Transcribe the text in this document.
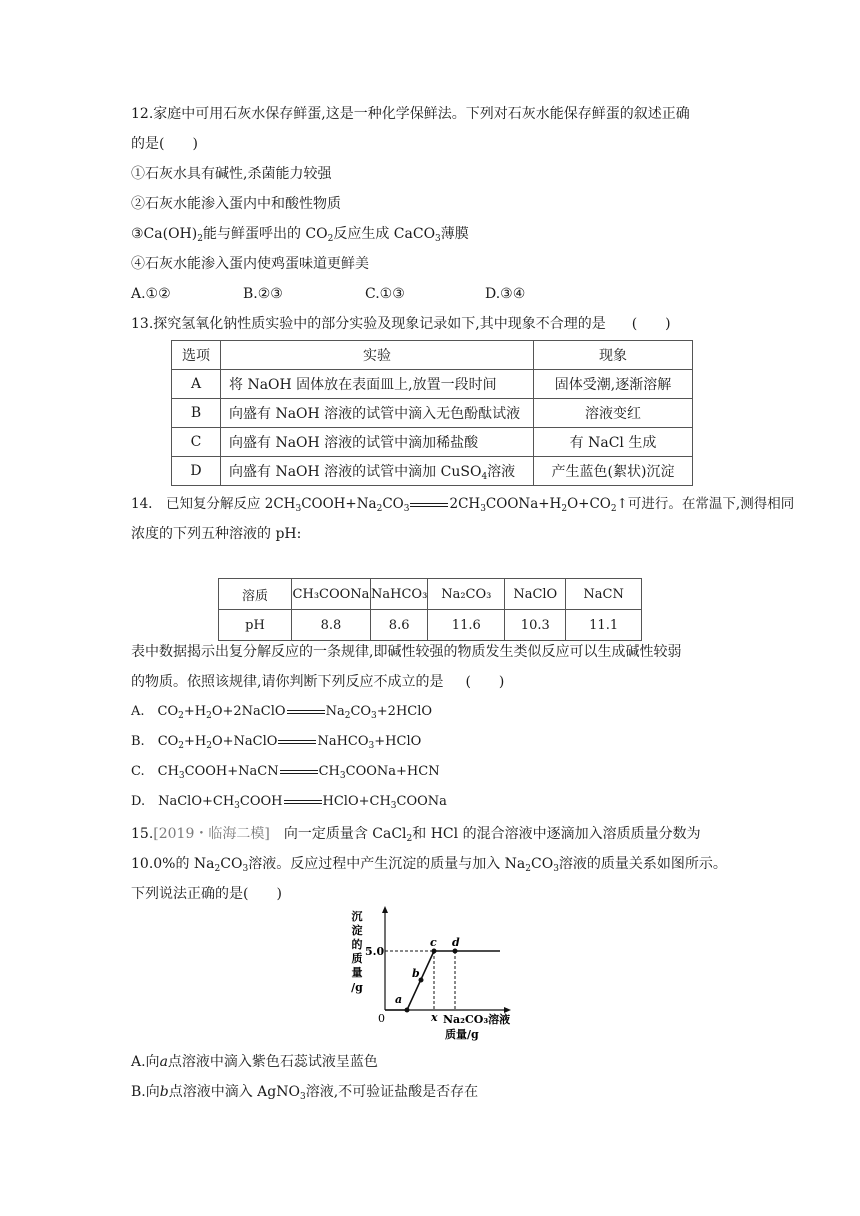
12.家庭中可用石灰水保存鲜蛋,这是一种化学保鲜法。下列对石灰水能保存鲜蛋的叙述正确
的是(　　)
①石灰水具有碱性,杀菌能力较强
②石灰水能渗入蛋内中和酸性物质
$③Ca(OH)_2$能与鲜蛋呼出的 $CO_2$反应生成 CaCO$_3$薄膜
④石灰水能渗入蛋内使鸡蛋味道更鲜美
A.①②	B.②③	C.①③	D.③④
13.探究氢氧化钠性质实验中的部分实验及现象记录如下,其中现象不合理的是 (　　)
选项	实验	现象
A	将 NaOH 固体放在表面皿上,放置一段时间	固体受潮,逐渐溶解
B	向盛有 NaOH 溶液的试管中滴入无色酚酞试液	溶液变红
C	向盛有 NaOH 溶液的试管中滴加稀盐酸	有 NaCl 生成
D	向盛有 NaOH 溶液的试管中滴加 CuSO$_4$溶液	产生蓝色(絮状)沉淀
14.　已知复分解反应 $2CH_3COOH+Na_2CO_3$	$2CH_3COONa+H_2O+CO_2↑$可进行。在常温下,测得相同
浓度的下列五种溶液的 pH:
溶质	CH₃COONa	NaHCO₃	Na₂CO₃	NaClO	NaCN
pH	8.8	8.6	11.6	10.3	11.1
表中数据揭示出复分解反应的一条规律,即碱性较强的物质发生类似反应可以生成碱性较弱
的物质。依照该规律,请你判断下列反应不成立的是 (　　)
A.　$CO_2+H_2O+2NaClO$	$Na_2CO_3+2HClO$
B.　$CO_2+H_2O+NaClO$	NaHCO$_3$+HClO
C.　$CH_3COOH+NaCN$	$CH_3COONa+HCN$
D.　$NaClO+CH_3COOH$	$HClO+CH_3COONa$
15.[2019・临海二模]　 向一定质量含 CaCl$_2$和 HCl 的混合溶液中逐滴加入溶质质量分数为
10.0%的 $Na_2CO_3$溶液。反应过程中产生沉淀的质量与加入 $Na_2CO_3$溶液的质量关系如图所示。
下列说法正确的是(　　)
沉
淀
的
质
量
/g
5.0
0	x
a
b
c d
Na₂CO₃溶液
质量/g
A.向a点溶液中滴入紫色石蕊试液呈蓝色
B.向b点溶液中滴入 AgNO$_3$溶液,不可验证盐酸是否存在
